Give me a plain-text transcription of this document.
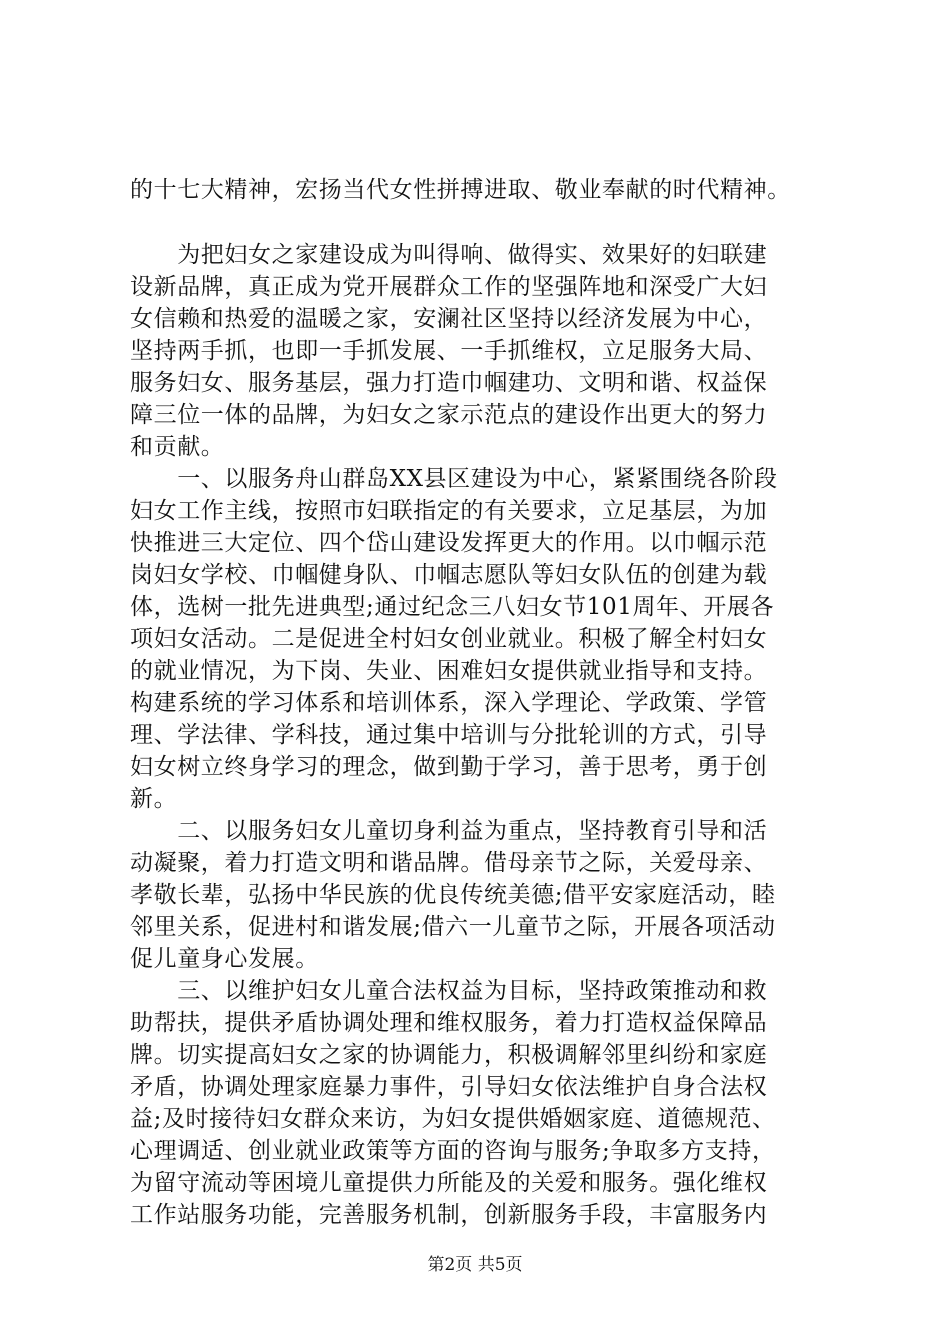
的十七大精神，宏扬当代女性拼搏进取、敬业奉献的时代精神。
　　为把妇女之家建设成为叫得响、做得实、效果好的妇联建
设新品牌，真正成为党开展群众工作的坚强阵地和深受广大妇
女信赖和热爱的温暖之家，安澜社区坚持以经济发展为中心，
坚持两手抓，也即一手抓发展、一手抓维权，立足服务大局、
服务妇女、服务基层，强力打造巾帼建功、文明和谐、权益保
障三位一体的品牌，为妇女之家示范点的建设作出更大的努力
和贡献。
　　一、以服务舟山群岛XX县区建设为中心，紧紧围绕各阶段
妇女工作主线，按照市妇联指定的有关要求，立足基层，为加
快推进三大定位、四个岱山建设发挥更大的作用。以巾帼示范
岗妇女学校、巾帼健身队、巾帼志愿队等妇女队伍的创建为载
体，选树一批先进典型;通过纪念三八妇女节101周年、开展各
项妇女活动。二是促进全村妇女创业就业。积极了解全村妇女
的就业情况，为下岗、失业、困难妇女提供就业指导和支持。
构建系统的学习体系和培训体系，深入学理论、学政策、学管
理、学法律、学科技，通过集中培训与分批轮训的方式，引导
妇女树立终身学习的理念，做到勤于学习，善于思考，勇于创
新。
　　二、以服务妇女儿童切身利益为重点，坚持教育引导和活
动凝聚，着力打造文明和谐品牌。借母亲节之际，关爱母亲、
孝敬长辈，弘扬中华民族的优良传统美德;借平安家庭活动，睦
邻里关系，促进村和谐发展;借六一儿童节之际，开展各项活动
促儿童身心发展。
　　三、以维护妇女儿童合法权益为目标，坚持政策推动和救
助帮扶，提供矛盾协调处理和维权服务，着力打造权益保障品
牌。切实提高妇女之家的协调能力，积极调解邻里纠纷和家庭
矛盾，协调处理家庭暴力事件，引导妇女依法维护自身合法权
益;及时接待妇女群众来访，为妇女提供婚姻家庭、道德规范、
心理调适、创业就业政策等方面的咨询与服务;争取多方支持，
为留守流动等困境儿童提供力所能及的关爱和服务。强化维权
工作站服务功能，完善服务机制，创新服务手段，丰富服务内
第2页 共5页
